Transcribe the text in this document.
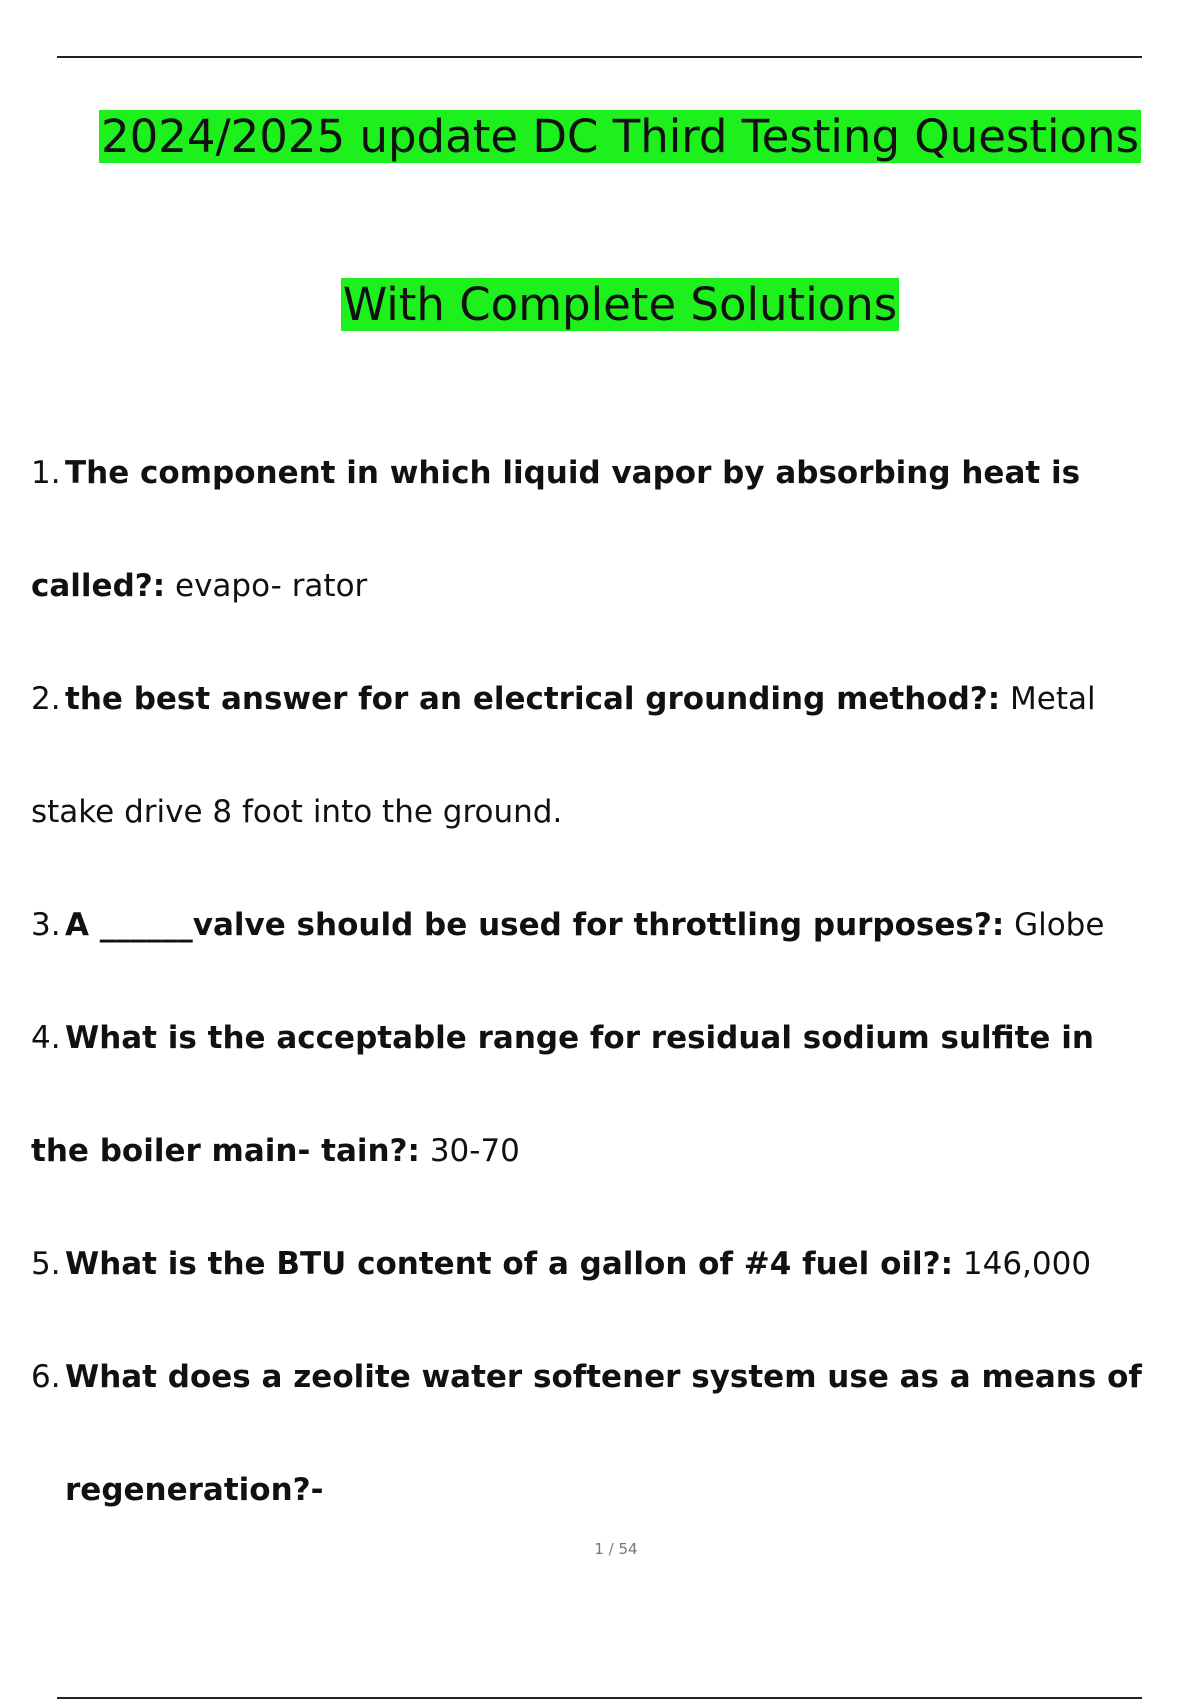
2024/2025 update DC Third Testing Questions
With Complete Solutions
1. The component in which liquid vapor by absorbing heat is
called?: evapo- rator
2. the best answer for an electrical grounding method?: Metal
stake drive 8 foot into the ground.
3. A ______valve should be used for throttling purposes?: Globe
4. What is the acceptable range for residual sodium sulfite in
the boiler main- tain?: 30-70
5. What is the BTU content of a gallon of #4 fuel oil?: 146,000
6. What does a zeolite water softener system use as a means of
regeneration?-
1 / 54
